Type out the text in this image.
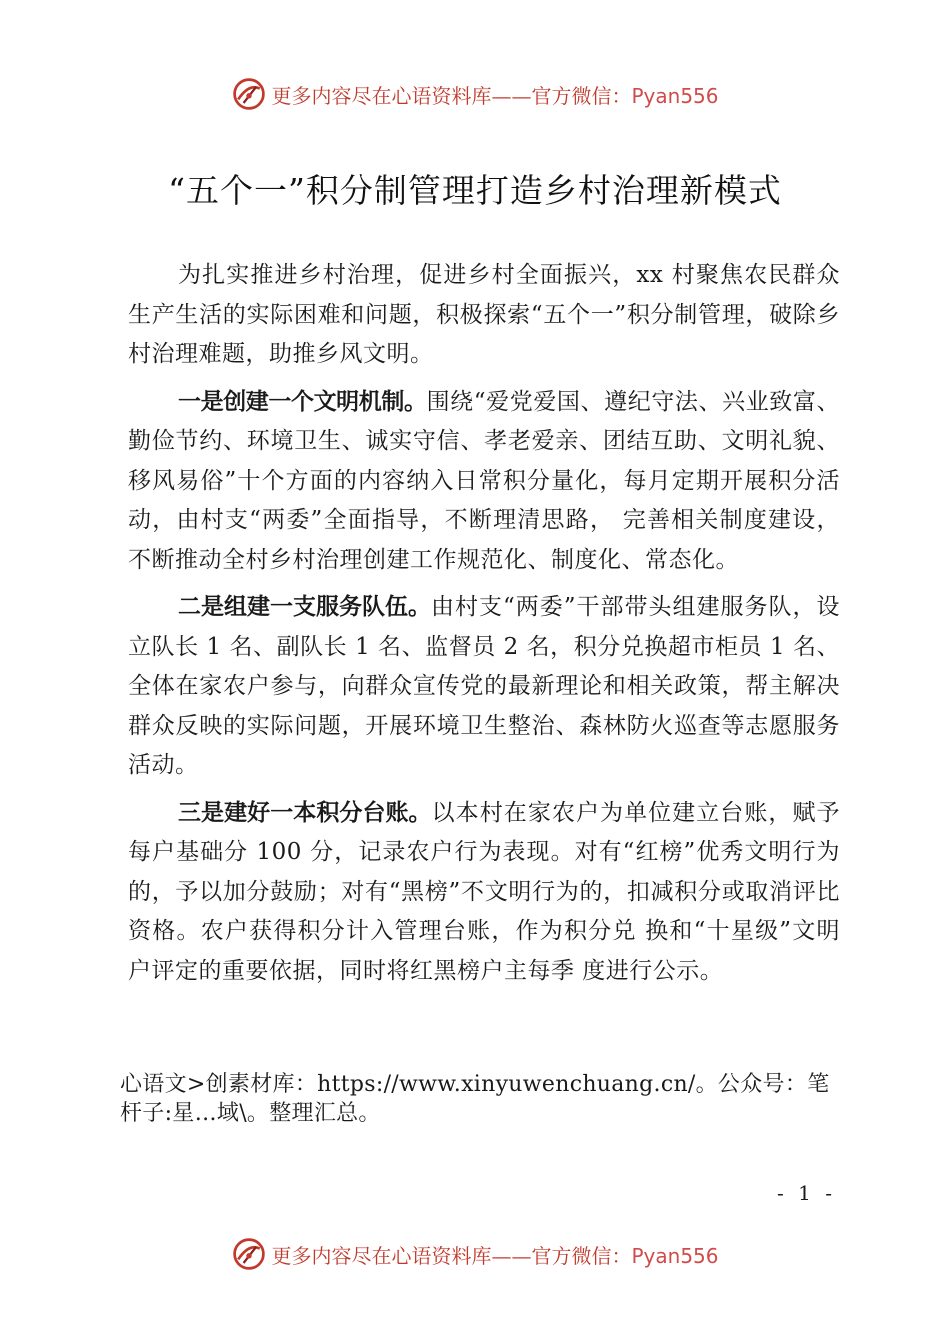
更多内容尽在心语资料库——官方微信：Pyan556
“五个一”积分制管理打造乡村治理新模式

为扎实推进乡村治理，促进乡村全面振兴，xx 村聚焦农民群众生产生活的实际困难和问题，积极探索“五个一”积分制管理，破除乡村治理难题，助推乡风文明。

一是创建一个文明机制。围绕“爱党爱国、遵纪守法、兴业致富、勤俭节约、环境卫生、诚实守信、孝老爱亲、团结互助、文明礼貌、移风易俗”十个方面的内容纳入日常积分量化，每月定期开展积分活动，由村支“两委”全面指导，不断理清思路， 完善相关制度建设，不断推动全村乡村治理创建工作规范化、制度化、常态化。

二是组建一支服务队伍。由村支“两委”干部带头组建服务队，设立队长 1 名、副队长 1 名、监督员 2 名，积分兑换超市柜员 1 名、全体在家农户参与，向群众宣传党的最新理论和相关政策，帮主解决群众反映的实际问题，开展环境卫生整治、森林防火巡查等志愿服务活动。

三是建好一本积分台账。以本村在家农户为单位建立台账，赋予每户基础分 100 分，记录农户行为表现。对有“红榜”优秀文明行为的，予以加分鼓励；对有“黑榜”不文明行为的，扣减积分或取消评比资格。农户获得积分计入管理台账，作为积分兑 换和“十星级”文明户评定的重要依据，同时将红黑榜户主每季 度进行公示。

心语文>创素材库：https://www.xinyuwenchuang.cn/。公众号：笔杆子:星…域\。整理汇总。
- 1 -
更多内容尽在心语资料库——官方微信：Pyan556
